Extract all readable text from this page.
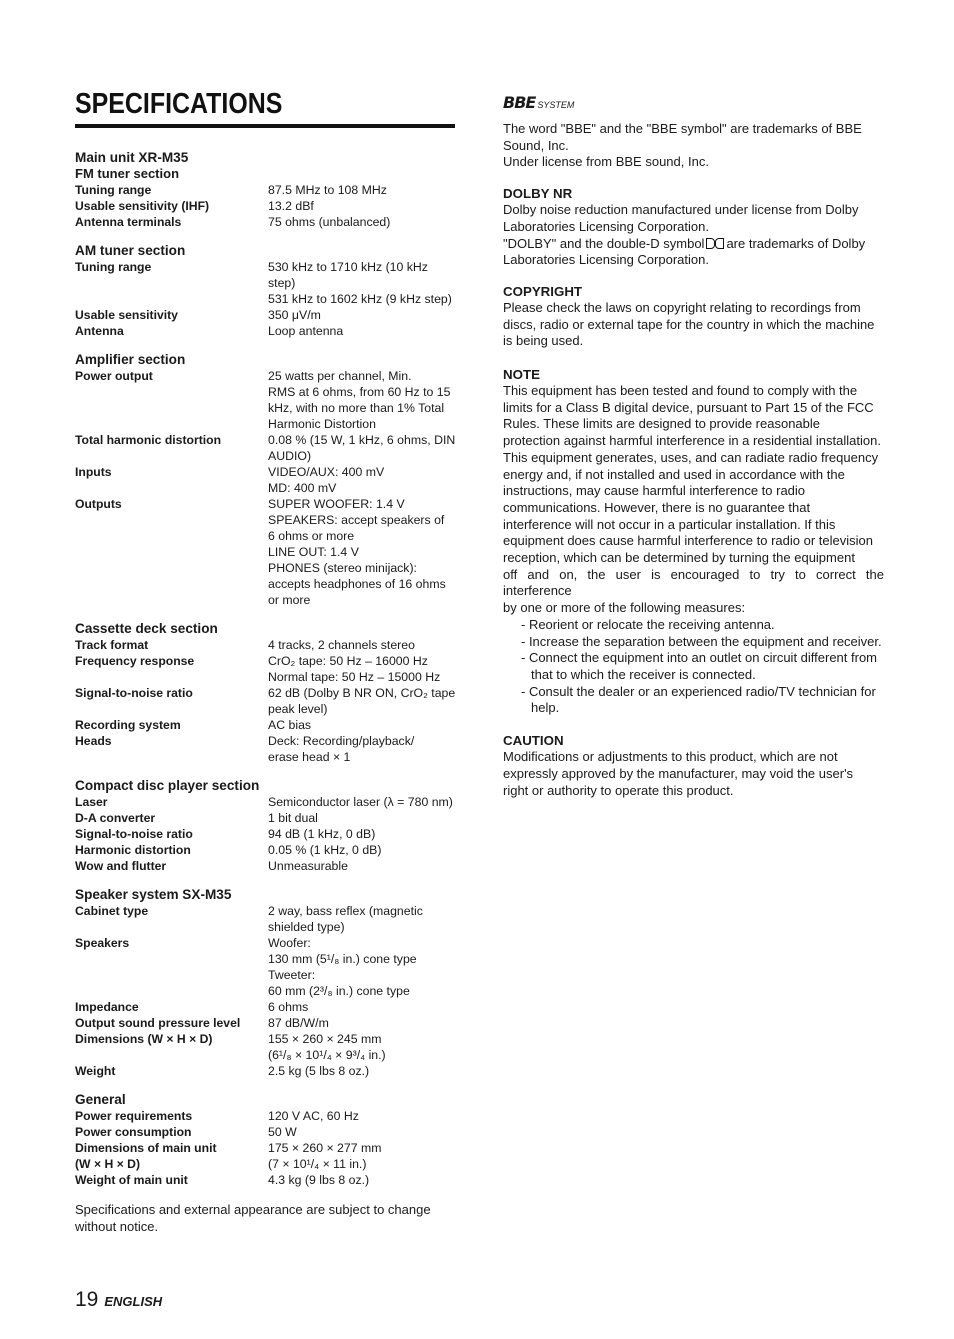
SPECIFICATIONS
Main unit XR-M35
FM tuner section
Tuning range	87.5 MHz to 108 MHz
Usable sensitivity (IHF)	13.2 dBf
Antenna terminals	75 ohms (unbalanced)
AM tuner section
Tuning range	530 kHz to 1710 kHz (10 kHz
step)
531 kHz to 1602 kHz (9 kHz step)
Usable sensitivity	350 μV/m
Antenna	Loop antenna
Amplifier section
Power output	25 watts per channel, Min.
RMS at 6 ohms, from 60 Hz to 15
kHz, with no more than 1% Total
Harmonic Distortion
Total harmonic distortion	0.08 % (15 W, 1 kHz, 6 ohms, DIN
AUDIO)
Inputs	VIDEO/AUX: 400 mV
MD: 400 mV
Outputs	SUPER WOOFER: 1.4 V
SPEAKERS: accept speakers of
6 ohms or more
LINE OUT: 1.4 V
PHONES (stereo minijack):
accepts headphones of 16 ohms
or more
Cassette deck section
Track format	4 tracks, 2 channels stereo
Frequency response	CrO₂ tape: 50 Hz – 16000 Hz
Normal tape: 50 Hz – 15000 Hz
Signal-to-noise ratio	62 dB (Dolby B NR ON, CrO₂ tape
peak level)
Recording system	AC bias
Heads	Deck: Recording/playback/
erase head × 1
Compact disc player section
Laser	Semiconductor laser (λ = 780 nm)
D-A converter	1 bit dual
Signal-to-noise ratio	94 dB (1 kHz, 0 dB)
Harmonic distortion	0.05 % (1 kHz, 0 dB)
Wow and flutter	Unmeasurable
Speaker system SX-M35
Cabinet type	2 way, bass reflex (magnetic
shielded type)
Speakers	Woofer:
130 mm (5¹/₈ in.) cone type
Tweeter:
60 mm (2³/₈ in.) cone type
Impedance	6 ohms
Output sound pressure level	87 dB/W/m
Dimensions (W × H × D)	155 × 260 × 245 mm
(6¹/₈ × 10¹/₄ × 9³/₄ in.)
Weight	2.5 kg (5 lbs 8 oz.)
General
Power requirements	120 V AC, 60 Hz
Power consumption	50 W
Dimensions of main unit	175 × 260 × 277 mm
(W × H × D)	(7 × 10¹/₄ × 11 in.)
Weight of main unit	4.3 kg (9 lbs 8 oz.)
Specifications and external appearance are subject to change
without notice.
19 ENGLISH
BBE SYSTEM

The word "BBE" and the "BBE symbol" are trademarks of BBE
Sound, Inc.
Under license from BBE sound, Inc.

DOLBY NR

Dolby noise reduction manufactured under license from Dolby
Laboratories Licensing Corporation.
"DOLBY" and the double-D symbol are trademarks of Dolby
Laboratories Licensing Corporation.

COPYRIGHT

Please check the laws on copyright relating to recordings from
discs, radio or external tape for the country in which the machine
is being used.

NOTE

This equipment has been tested and found to comply with the
limits for a Class B digital device, pursuant to Part 15 of the FCC
Rules. These limits are designed to provide reasonable
protection against harmful interference in a residential installation.
This equipment generates, uses, and can radiate radio frequency
energy and, if not installed and used in accordance with the
instructions, may cause harmful interference to radio
communications. However, there is no guarantee that
interference will not occur in a particular installation. If this
equipment does cause harmful interference to radio or television
reception, which can be determined by turning the equipment
off and on, the user is encouraged to try to correct the interference
by one or more of the following measures:

- Reorient or relocate the receiving antenna.
- Increase the separation between the equipment and receiver.
- Connect the equipment into an outlet on circuit different from that to which the receiver is connected.
- Consult the dealer or an experienced radio/TV technician for help.
CAUTION

Modifications or adjustments to this product, which are not
expressly approved by the manufacturer, may void the user's
right or authority to operate this product.
